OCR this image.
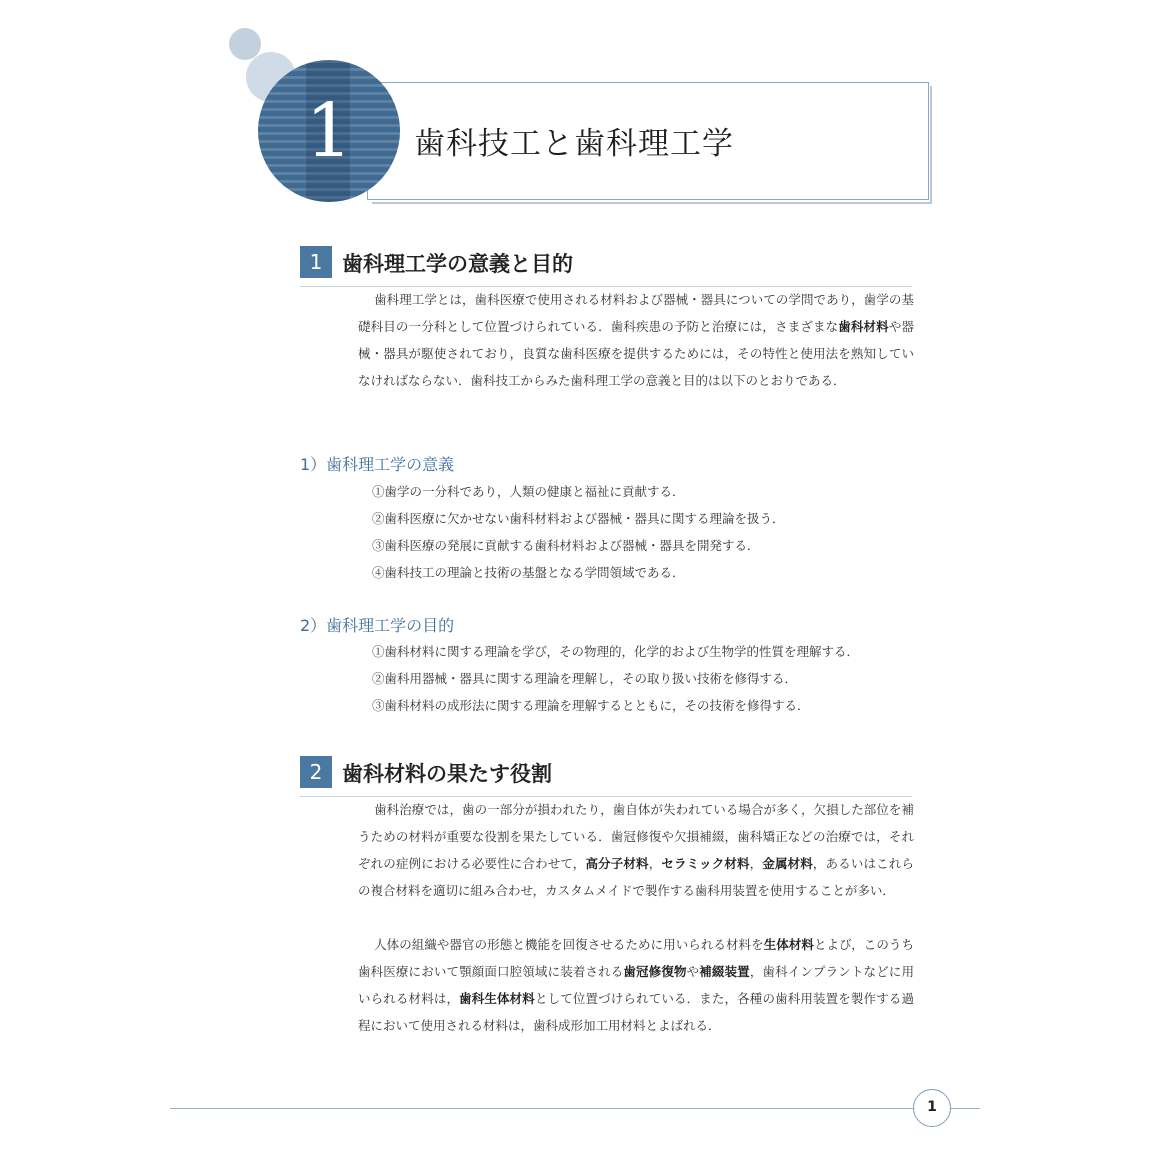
1 歯科技工と歯科理工学
1 歯科理工学の意義と目的

歯科理工学とは，歯科医療で使用される材料および器械・器具についての学問であり，歯学の基礎科目の一分科として位置づけられている．歯科疾患の予防と治療には，さまざまな歯科材料や器械・器具が駆使されており，良質な歯科医療を提供するためには，その特性と使用法を熟知していなければならない．歯科技工からみた歯科理工学の意義と目的は以下のとおりである．

1）歯科理工学の意義
①歯学の一分科であり，人類の健康と福祉に貢献する．
②歯科医療に欠かせない歯科材料および器械・器具に関する理論を扱う．
③歯科医療の発展に貢献する歯科材料および器械・器具を開発する．
④歯科技工の理論と技術の基盤となる学問領域である．
2）歯科理工学の目的
①歯科材料に関する理論を学び，その物理的，化学的および生物学的性質を理解する．
②歯科用器械・器具に関する理論を理解し，その取り扱い技術を修得する．
③歯科材料の成形法に関する理論を理解するとともに，その技術を修得する．
2 歯科材料の果たす役割

歯科治療では，歯の一部分が損われたり，歯自体が失われている場合が多く，欠損した部位を補うための材料が重要な役割を果たしている．歯冠修復や欠損補綴，歯科矯正などの治療では，それぞれの症例における必要性に合わせて，高分子材料，セラミック材料，金属材料，あるいはこれらの複合材料を適切に組み合わせ，カスタムメイドで製作する歯科用装置を使用することが多い．

人体の組織や器官の形態と機能を回復させるために用いられる材料を生体材料とよび，このうち歯科医療において顎顔面口腔領域に装着される歯冠修復物や補綴装置，歯科インプラントなどに用いられる材料は，歯科生体材料として位置づけられている．また，各種の歯科用装置を製作する過程において使用される材料は，歯科成形加工用材料とよばれる．

1
